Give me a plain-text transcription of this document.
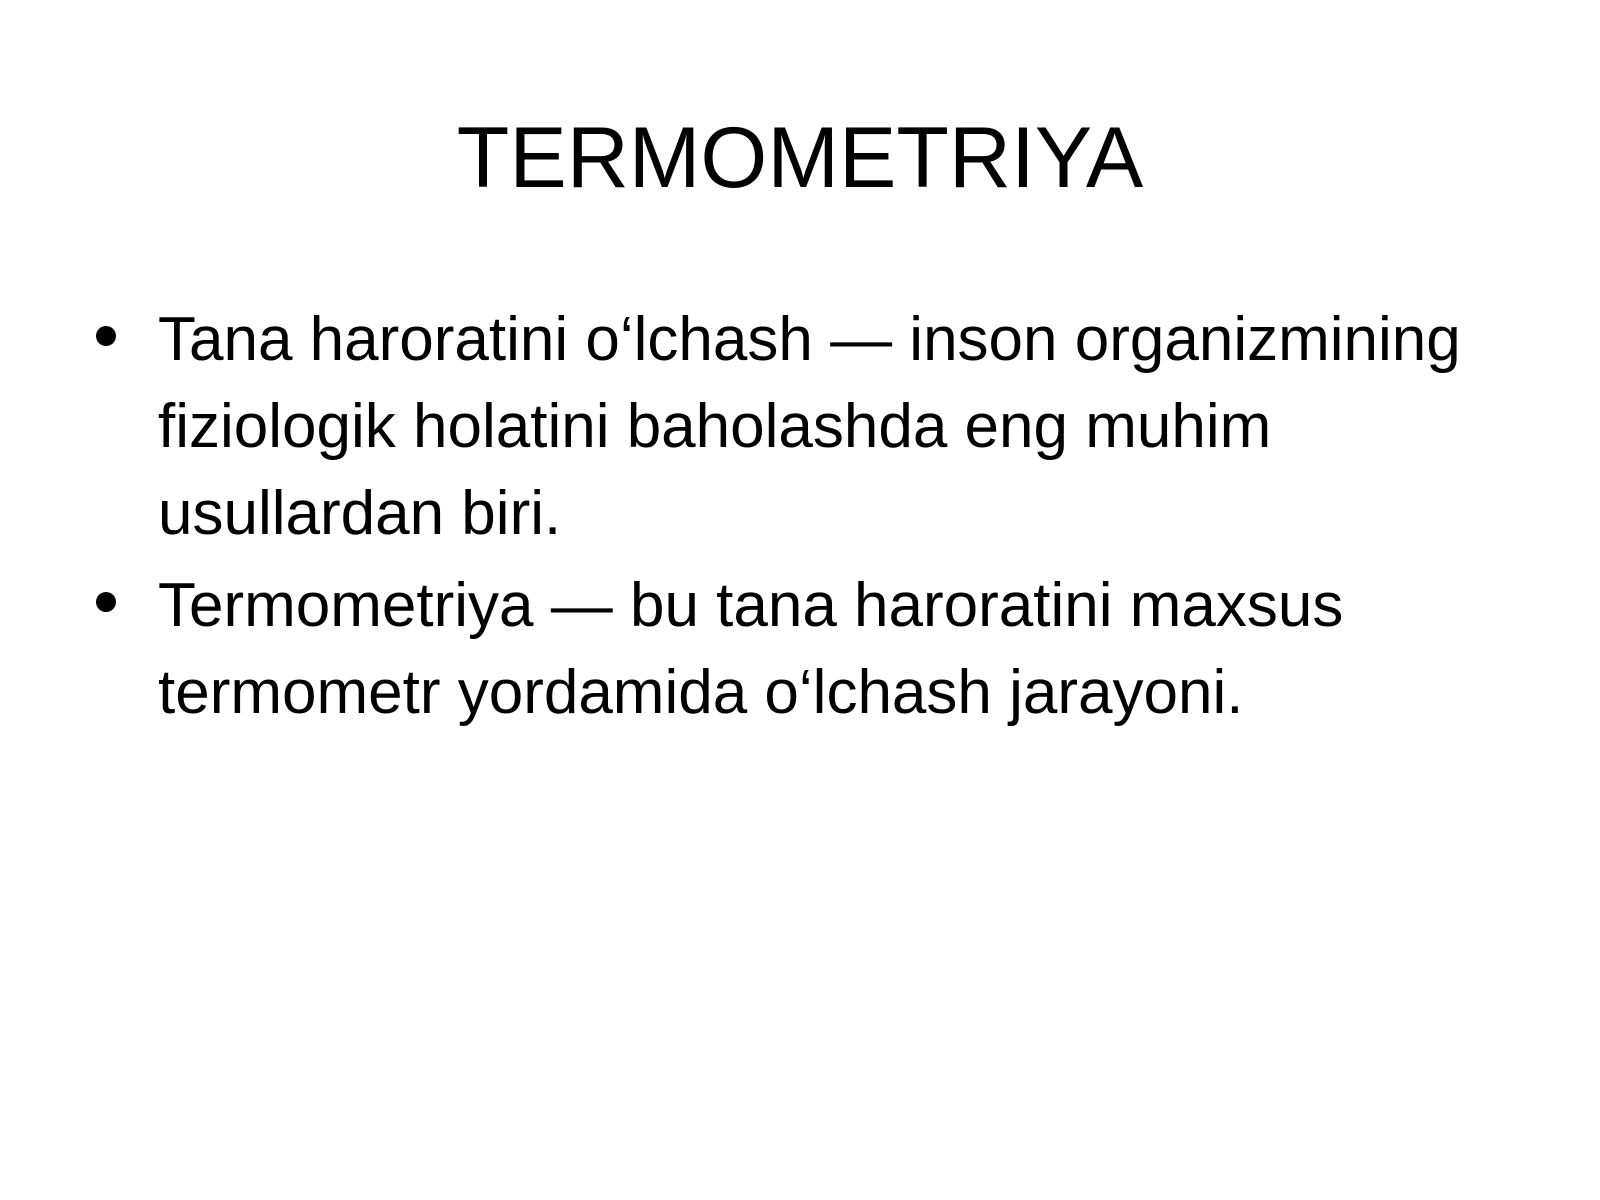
TERMOMETRIYA
Tana haroratini o‘lchash — inson organizmining fiziologik holatini baholashda eng muhim usullardan biri.
Termometriya — bu tana haroratini maxsus termometr yordamida o‘lchash jarayoni.
